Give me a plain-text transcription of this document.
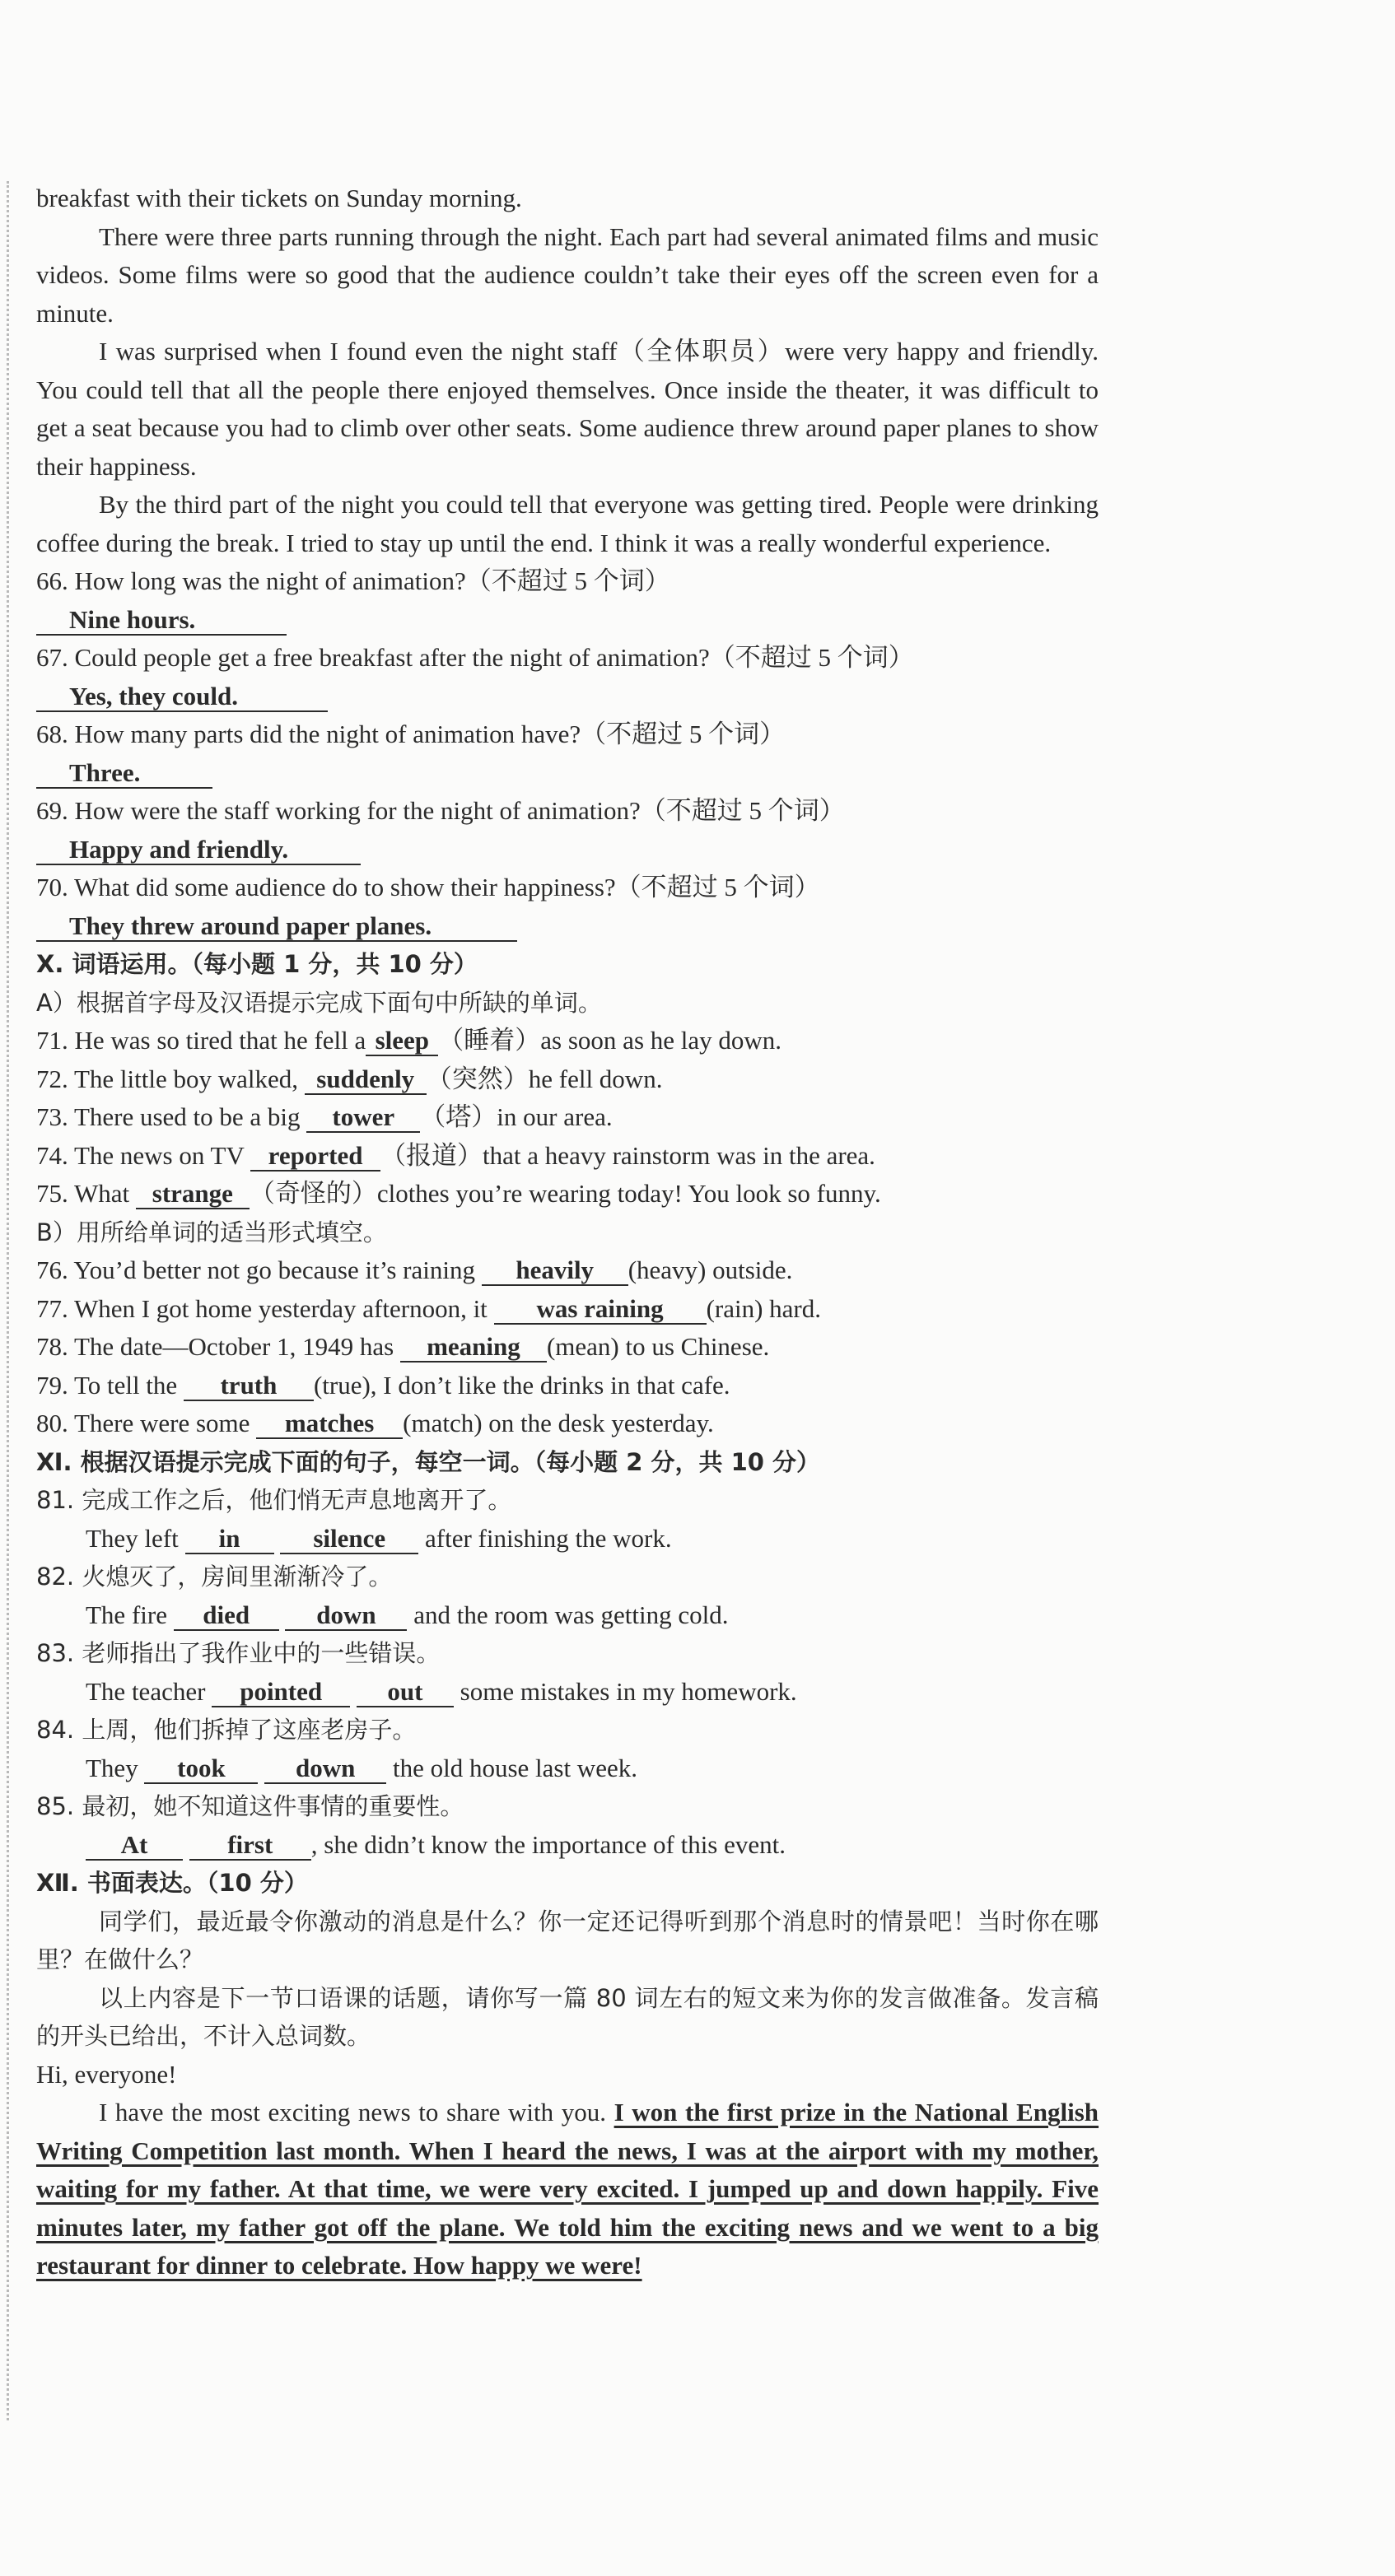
breakfast with their tickets on Sunday morning.

There were three parts running through the night. Each part had several animated films and music videos. Some films were so good that the audience couldn’t take their eyes off the screen even for a minute.

I was surprised when I found even the night staff（全体职员）were very happy and friendly. You could tell that all the people there enjoyed themselves. Once inside the theater, it was difficult to get a seat because you had to climb over other seats. Some audience threw around paper planes to show their happiness.

By the third part of the night you could tell that everyone was getting tired. People were drinking coffee during the break. I tried to stay up until the end. I think it was a really wonderful experience.

66. How long was the night of animation?（不超过 5 个词）

Nine hours.

67. Could people get a free breakfast after the night of animation?（不超过 5 个词）

Yes, they could.

68. How many parts did the night of animation have?（不超过 5 个词）

Three.

69. How were the staff working for the night of animation?（不超过 5 个词）

Happy and friendly.

70. What did some audience do to show their happiness?（不超过 5 个词）

They threw around paper planes.

Ⅹ. 词语运用。（每小题 1 分，共 10 分）

A）根据首字母及汉语提示完成下面句中所缺的单词。

71. He was so tired that he fell a sleep （睡着）as soon as he lay down.

72. The little boy walked, suddenly （突然）he fell down.

73. There used to be a big tower （塔）in our area.

74. The news on TV reported （报道）that a heavy rainstorm was in the area.

75. What strange （奇怪的）clothes you’re wearing today! You look so funny.

B）用所给单词的适当形式填空。

76. You’d better not go because it’s raining heavily (heavy) outside.

77. When I got home yesterday afternoon, it was raining (rain) hard.

78. The date—October 1, 1949 has meaning (mean) to us Chinese.

79. To tell the truth (true), I don’t like the drinks in that cafe.

80. There were some matches (match) on the desk yesterday.

Ⅺ. 根据汉语提示完成下面的句子，每空一词。（每小题 2 分，共 10 分）

81. 完成工作之后，他们悄无声息地离开了。

They left in	silence after finishing the work.

82. 火熄灭了，房间里渐渐冷了。

The fire died	down and the room was getting cold.

83. 老师指出了我作业中的一些错误。

The teacher pointed	out some mistakes in my homework.

84. 上周，他们拆掉了这座老房子。

They took	down the old house last week.

85. 最初，她不知道这件事情的重要性。

At	first , she didn’t know the importance of this event.

Ⅻ. 书面表达。（10 分）

同学们，最近最令你激动的消息是什么？你一定还记得听到那个消息时的情景吧！当时你在哪里？在做什么？

以上内容是下一节口语课的话题，请你写一篇 80 词左右的短文来为你的发言做准备。发言稿的开头已给出，不计入总词数。

Hi, everyone!

I have the most exciting news to share with you. I won the first prize in the National English Writing Competition last month. When I heard the news, I was at the airport with my mother, waiting for my father. At that time, we were very excited. I jumped up and down happily. Five minutes later, my father got off the plane. We told him the exciting news and we went to a big restaurant for dinner to celebrate. How happy we were!
